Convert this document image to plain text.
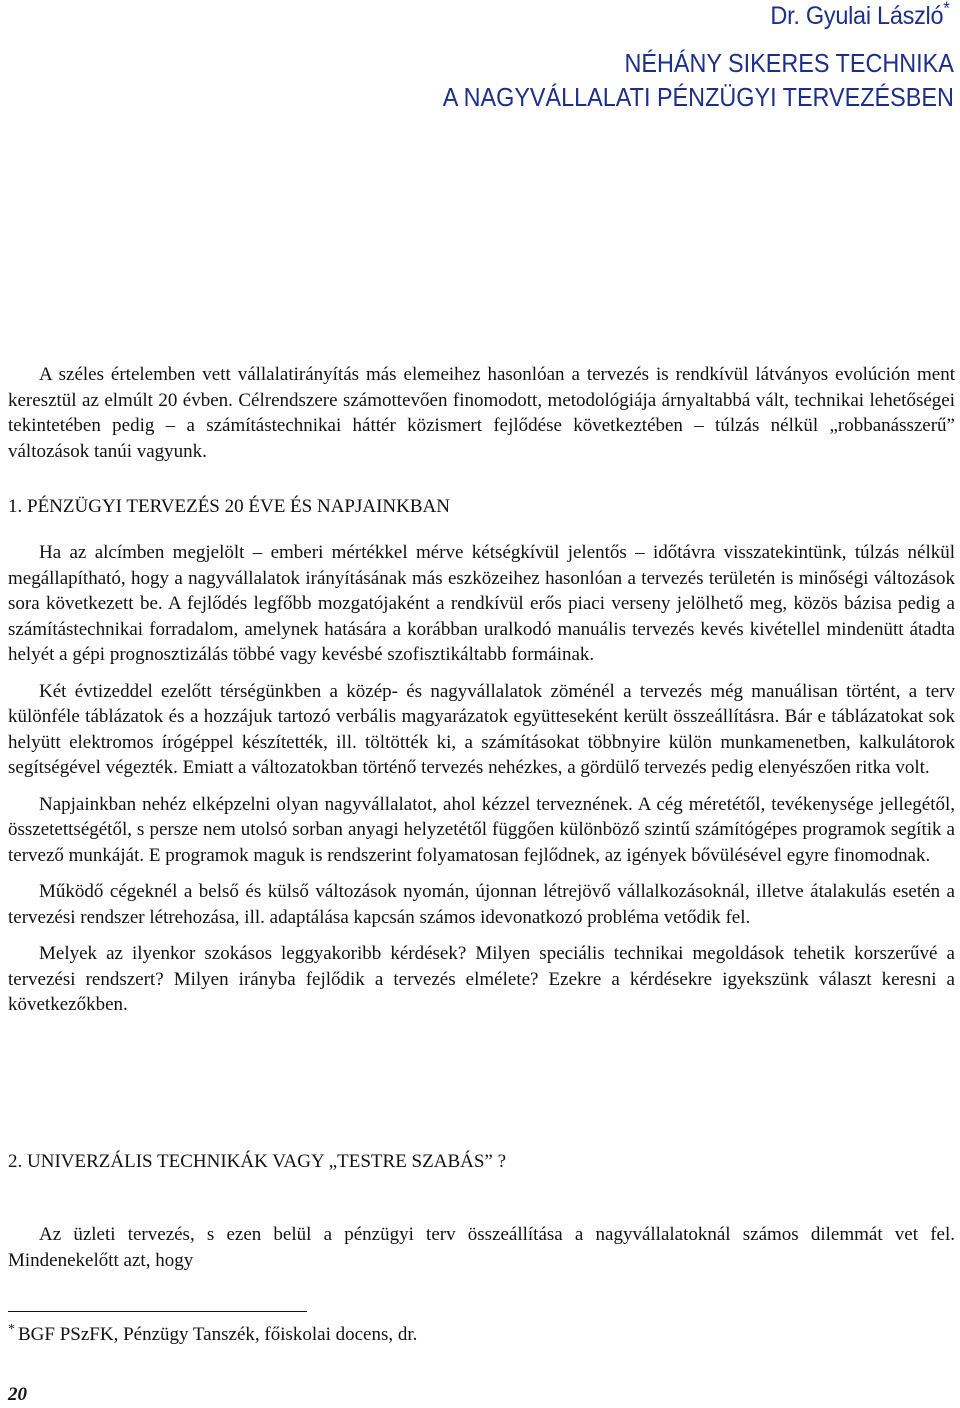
Dr. Gyulai László*
NÉHÁNY SIKERES TECHNIKA
A NAGYVÁLLALATI PÉNZÜGYI TERVEZÉSBEN

A széles értelemben vett vállalatirányítás más elemeihez hasonlóan a tervezés is rendkívül látványos evolúción ment keresztül az elmúlt 20 évben. Célrendszere számottevően finomodott, metodológiája árnyaltabbá vált, technikai lehetőségei tekintetében pedig – a számítástechnikai háttér közismert fejlődése következtében – túlzás nélkül „robbanásszerű” változások tanúi vagyunk.

1. PÉNZÜGYI TERVEZÉS 20 ÉVE ÉS NAPJAINKBAN

Ha az alcímben megjelölt – emberi mértékkel mérve kétségkívül jelentős – időtávra visszatekintünk, túlzás nélkül megállapítható, hogy a nagyvállalatok irányításának más eszközeihez hasonlóan a tervezés területén is minőségi változások sora következett be. A fejlődés legfőbb mozgatójaként a rendkívül erős piaci verseny jelölhető meg, közös bázisa pedig a számítástechnikai forradalom, amelynek hatására a korábban uralkodó manuális tervezés kevés kivétellel mindenütt átadta helyét a gépi prognosztizálás többé vagy kevésbé szofisztikáltabb formáinak.

Két évtizeddel ezelőtt térségünkben a közép- és nagyvállalatok zöménél a tervezés még manuálisan történt, a terv különféle táblázatok és a hozzájuk tartozó verbális magyarázatok együtteseként került összeállításra. Bár e táblázatokat sok helyütt elektromos írógéppel készítették, ill. töltötték ki, a számításokat többnyire külön munkamenetben, kalkulátorok segítségével végezték. Emiatt a változatokban történő tervezés nehézkes, a gördülő tervezés pedig elenyészően ritka volt.

Napjainkban nehéz elképzelni olyan nagyvállalatot, ahol kézzel terveznének. A cég méretétől, tevékenysége jellegétől, összetettségétől, s persze nem utolsó sorban anyagi helyzetétől függően különböző szintű számítógépes programok segítik a tervező munkáját. E programok maguk is rendszerint folyamatosan fejlődnek, az igények bővülésével egyre finomodnak.

Működő cégeknél a belső és külső változások nyomán, újonnan létrejövő vállalkozásoknál, illetve átalakulás esetén a tervezési rendszer létrehozása, ill. adaptálása kapcsán számos idevonatkozó probléma vetődik fel.

Melyek az ilyenkor szokásos leggyakoribb kérdések? Milyen speciális technikai megoldások tehetik korszerűvé a tervezési rendszert? Milyen irányba fejlődik a tervezés elmélete? Ezekre a kérdésekre igyekszünk választ keresni a következőkben.

2. UNIVERZÁLIS TECHNIKÁK VAGY „TESTRE SZABÁS” ?

Az üzleti tervezés, s ezen belül a pénzügyi terv összeállítása a nagyvállalatoknál számos dilemmát vet fel. Mindenekelőtt azt, hogy

* BGF PSzFK, Pénzügy Tanszék, főiskolai docens, dr.
20
